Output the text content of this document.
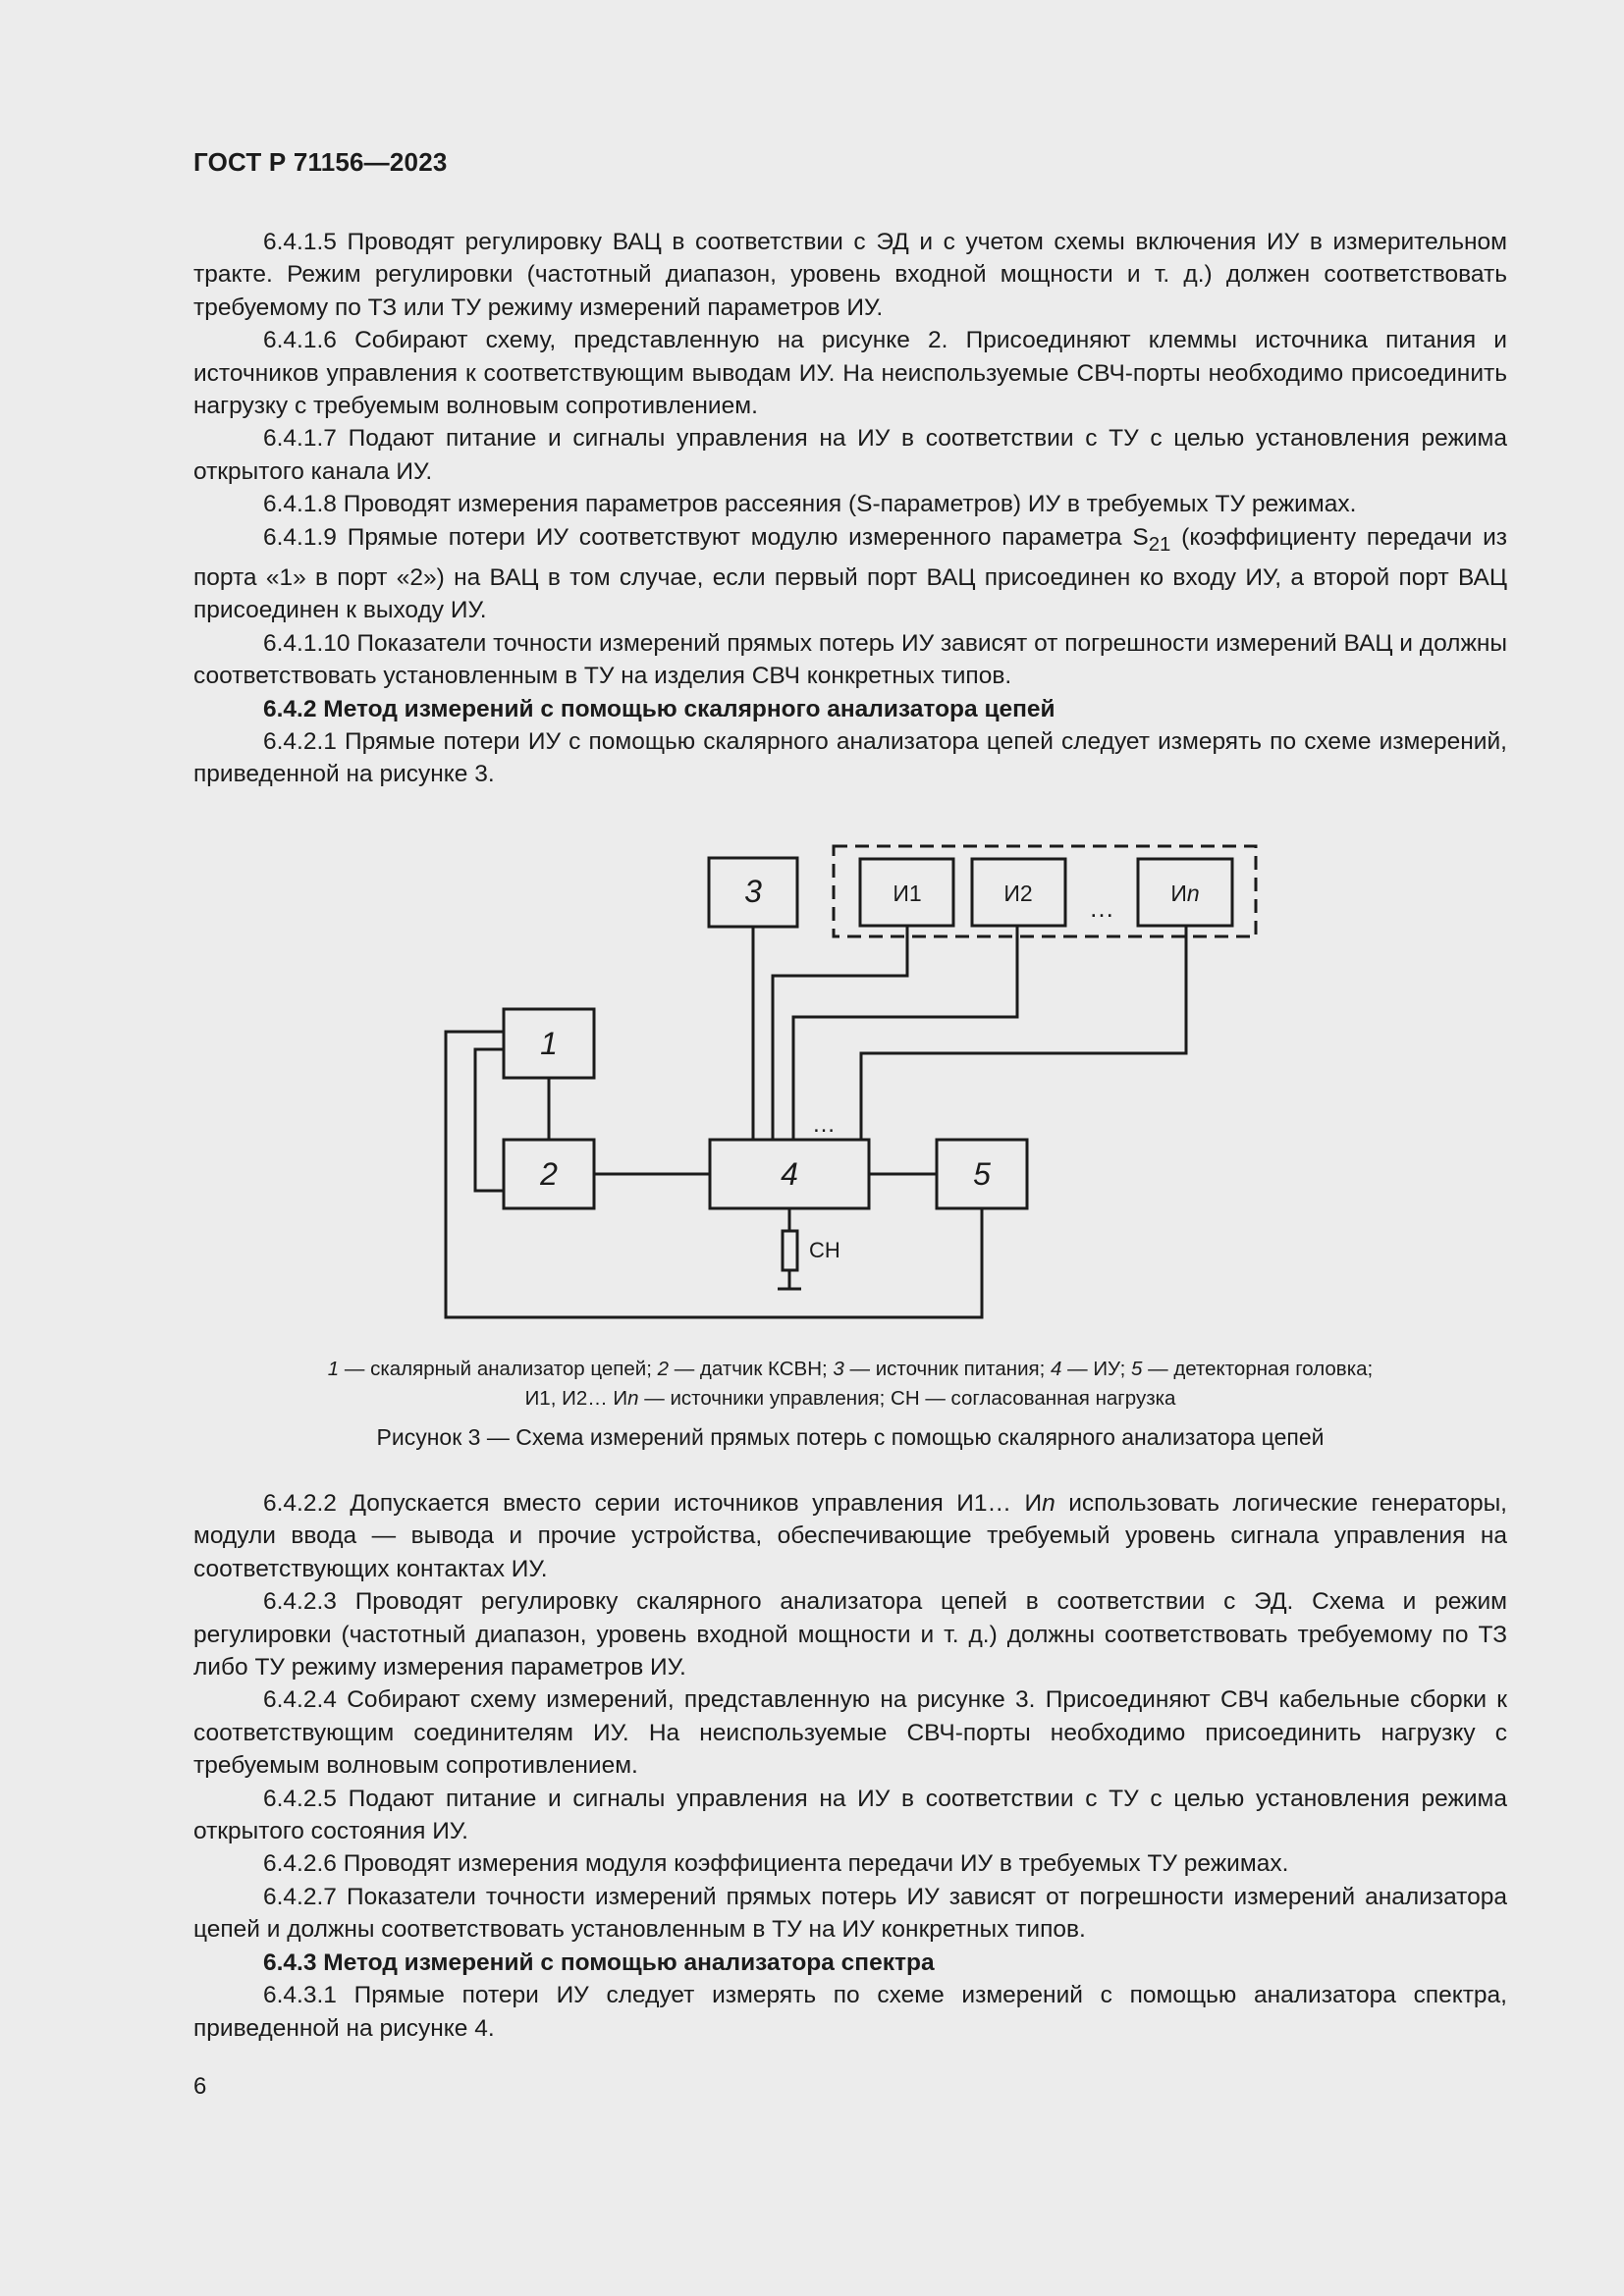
ГОСТ Р 71156—2023

6.4.1.5 Проводят регулировку ВАЦ в соответствии с ЭД и с учетом схемы включения ИУ в измерительном тракте. Режим регулировки (частотный диапазон, уровень входной мощности и т. д.) должен соответствовать требуемому по ТЗ или ТУ режиму измерений параметров ИУ.

6.4.1.6 Собирают схему, представленную на рисунке 2. Присоединяют клеммы источника питания и источников управления к соответствующим выводам ИУ. На неиспользуемые СВЧ-порты необходимо присоединить нагрузку с требуемым волновым сопротивлением.

6.4.1.7 Подают питание и сигналы управления на ИУ в соответствии с ТУ с целью установления режима открытого канала ИУ.

6.4.1.8 Проводят измерения параметров рассеяния (S-параметров) ИУ в требуемых ТУ режимах.

6.4.1.9 Прямые потери ИУ соответствуют модулю измеренного параметра $S_{21}$ (коэффициенту передачи из порта «1» в порт «2») на ВАЦ в том случае, если первый порт ВАЦ присоединен ко входу ИУ, а второй порт ВАЦ присоединен к выходу ИУ.

6.4.1.10 Показатели точности измерений прямых потерь ИУ зависят от погрешности измерений ВАЦ и должны соответствовать установленным в ТУ на изделия СВЧ конкретных типов.

6.4.2 Метод измерений с помощью скалярного анализатора цепей

6.4.2.1 Прямые потери ИУ с помощью скалярного анализатора цепей следует измерять по схеме измерений, приведенной на рисунке 3.

3	И1	И2	Иn
…
1
2	4	5
…
СН
1 — скалярный анализатор цепей; 2 — датчик КСВН; 3 — источник питания; 4 — ИУ; 5 — детекторная головка;
И1, И2… Иn — источники управления; СН — согласованная нагрузка
Рисунок 3 — Схема измерений прямых потерь с помощью скалярного анализатора цепей

6.4.2.2 Допускается вместо серии источников управления И1… Иn использовать логические генераторы, модули ввода — вывода и прочие устройства, обеспечивающие требуемый уровень сигнала управления на соответствующих контактах ИУ.

6.4.2.3 Проводят регулировку скалярного анализатора цепей в соответствии с ЭД. Схема и режим регулировки (частотный диапазон, уровень входной мощности и т. д.) должны соответствовать требуемому по ТЗ либо ТУ режиму измерения параметров ИУ.

6.4.2.4 Собирают схему измерений, представленную на рисунке 3. Присоединяют СВЧ кабельные сборки к соответствующим соединителям ИУ. На неиспользуемые СВЧ-порты необходимо присоединить нагрузку с требуемым волновым сопротивлением.

6.4.2.5 Подают питание и сигналы управления на ИУ в соответствии с ТУ с целью установления режима открытого состояния ИУ.

6.4.2.6 Проводят измерения модуля коэффициента передачи ИУ в требуемых ТУ режимах.

6.4.2.7 Показатели точности измерений прямых потерь ИУ зависят от погрешности измерений анализатора цепей и должны соответствовать установленным в ТУ на ИУ конкретных типов.

6.4.3 Метод измерений с помощью анализатора спектра

6.4.3.1 Прямые потери ИУ следует измерять по схеме измерений с помощью анализатора спектра, приведенной на рисунке 4.

6
